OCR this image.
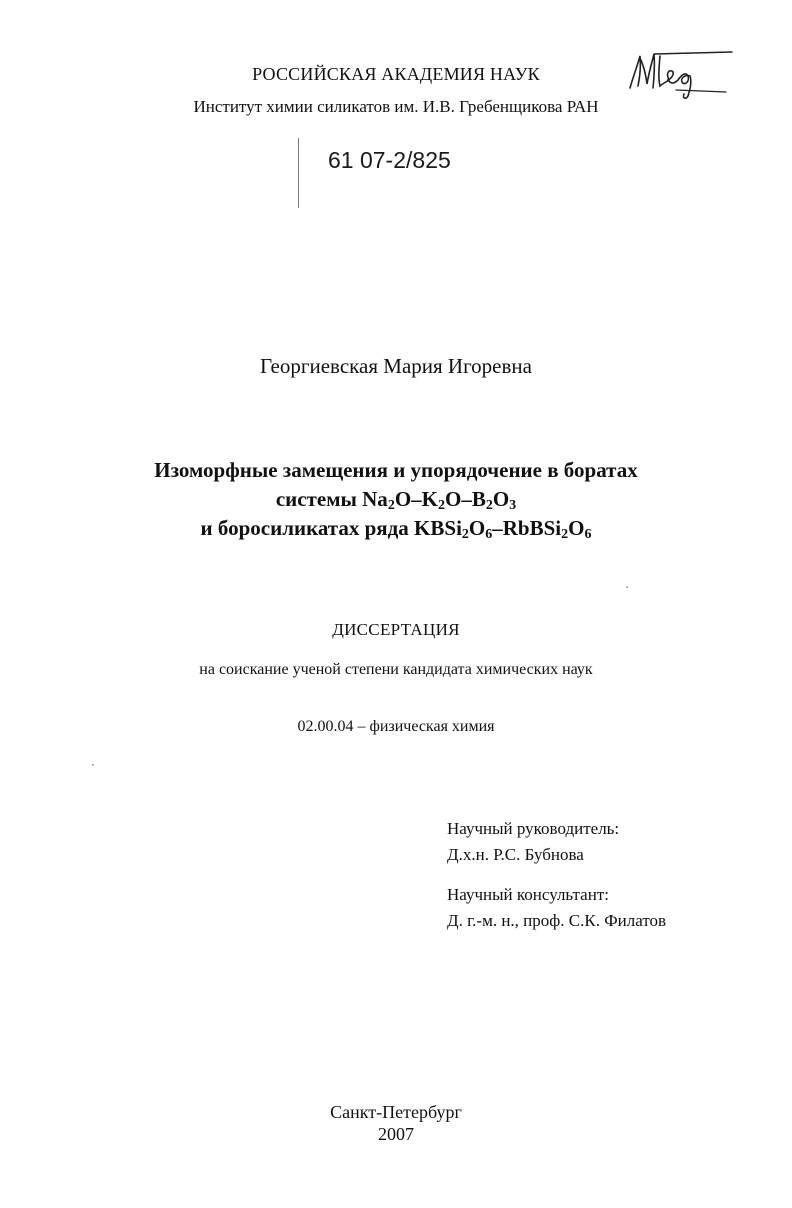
РОССИЙСКАЯ АКАДЕМИЯ НАУК
Институт химии силикатов им. И.В. Гребенщикова РАН
61 07-2/825
Георгиевская Мария Игоревна
Изоморфные замещения и упорядочение в боратах
системы $Na_2O-K_2O-B_2O_3$
и боросиликатах ряда $KBSi_2O_6-RbBSi_2O_6$
ДИССЕРТАЦИЯ
на соискание ученой степени кандидата химических наук
02.00.04 – физическая химия
Научный руководитель:
Д.х.н. Р.С. Бубнова
Научный консультант:
Д. г.-м. н., проф. С.К. Филатов
Санкт-Петербург
2007
